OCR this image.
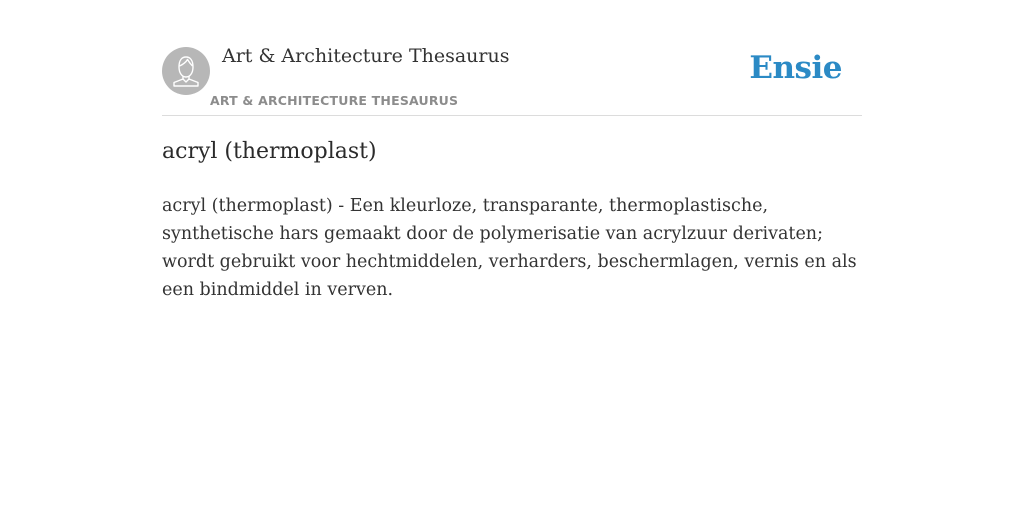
Art & Architecture Thesaurus
ART & ARCHITECTURE THESAURUS
Ensie
acryl (thermoplast)

acryl (thermoplast) - Een kleurloze, transparante, thermoplastische, synthetische hars gemaakt door de polymerisatie van acrylzuur derivaten; wordt gebruikt voor hechtmiddelen, verharders, beschermlagen, vernis en als een bindmiddel in verven.
